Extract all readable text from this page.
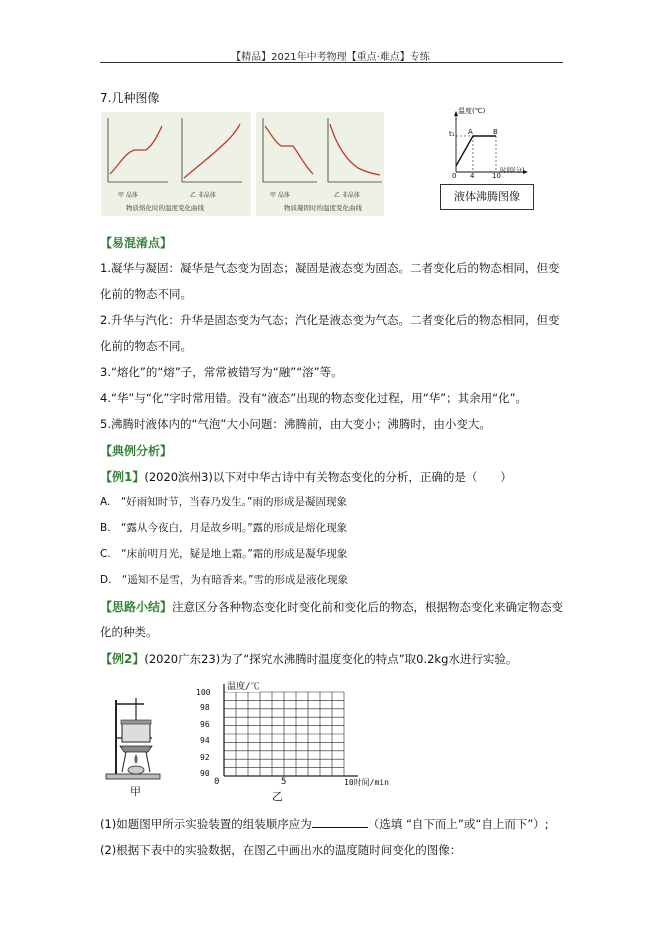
【精品】2021年中考物理【重点·难点】专练
7.几种图像
甲 晶体	乙 非晶体
物质熔化时的温度变化曲线
甲 晶体	乙 非晶体
物质凝固时的温度变化曲线
温度(℃)
t₁ A	B
0 4	10
时间(分)
液体沸腾图像
【易混淆点】
1.凝华与凝固：凝华是气态变为固态；凝固是液态变为固态。二者变化后的物态相同，但变
化前的物态不同。
2.升华与汽化：升华是固态变为气态；汽化是液态变为气态。二者变化后的物态相同，但变
化前的物态不同。
3.“熔化”的“熔”子，常常被错写为“融”“溶”等。
4.“华”与“化”字时常用错。没有“液态”出现的物态变化过程，用“华”；其余用“化”。
5.沸腾时液体内的“气泡”大小问题：沸腾前，由大变小；沸腾时，由小变大。
【典例分析】
【例1】(2020滨州3)以下对中华古诗中有关物态变化的分析，正确的是（　　）
A.　“好雨知时节，当春乃发生。”雨的形成是凝固现象
B.　“露从今夜白，月是故乡明。”露的形成是熔化现象
C.　“床前明月光，疑是地上霜。”霜的形成是凝华现象
D.　“遥知不是雪，为有暗香来。”雪的形成是液化现象
【思路小结】注意区分各种物态变化时变化前和变化后的物态，根据物态变化来确定物态变
化的种类。
【例2】(2020广东23)为了“探究水沸腾时温度变化的特点”取0.2kg水进行实验。
甲
温度/℃
100
98
96
94
92
90
0	5	10时间/min
乙
(1)如题图甲所示实验装置的组装顺序应为	（选填 “自下而上”或“自上而下”）;
(2)根据下表中的实验数据，在图乙中画出水的温度随时间变化的图像：
